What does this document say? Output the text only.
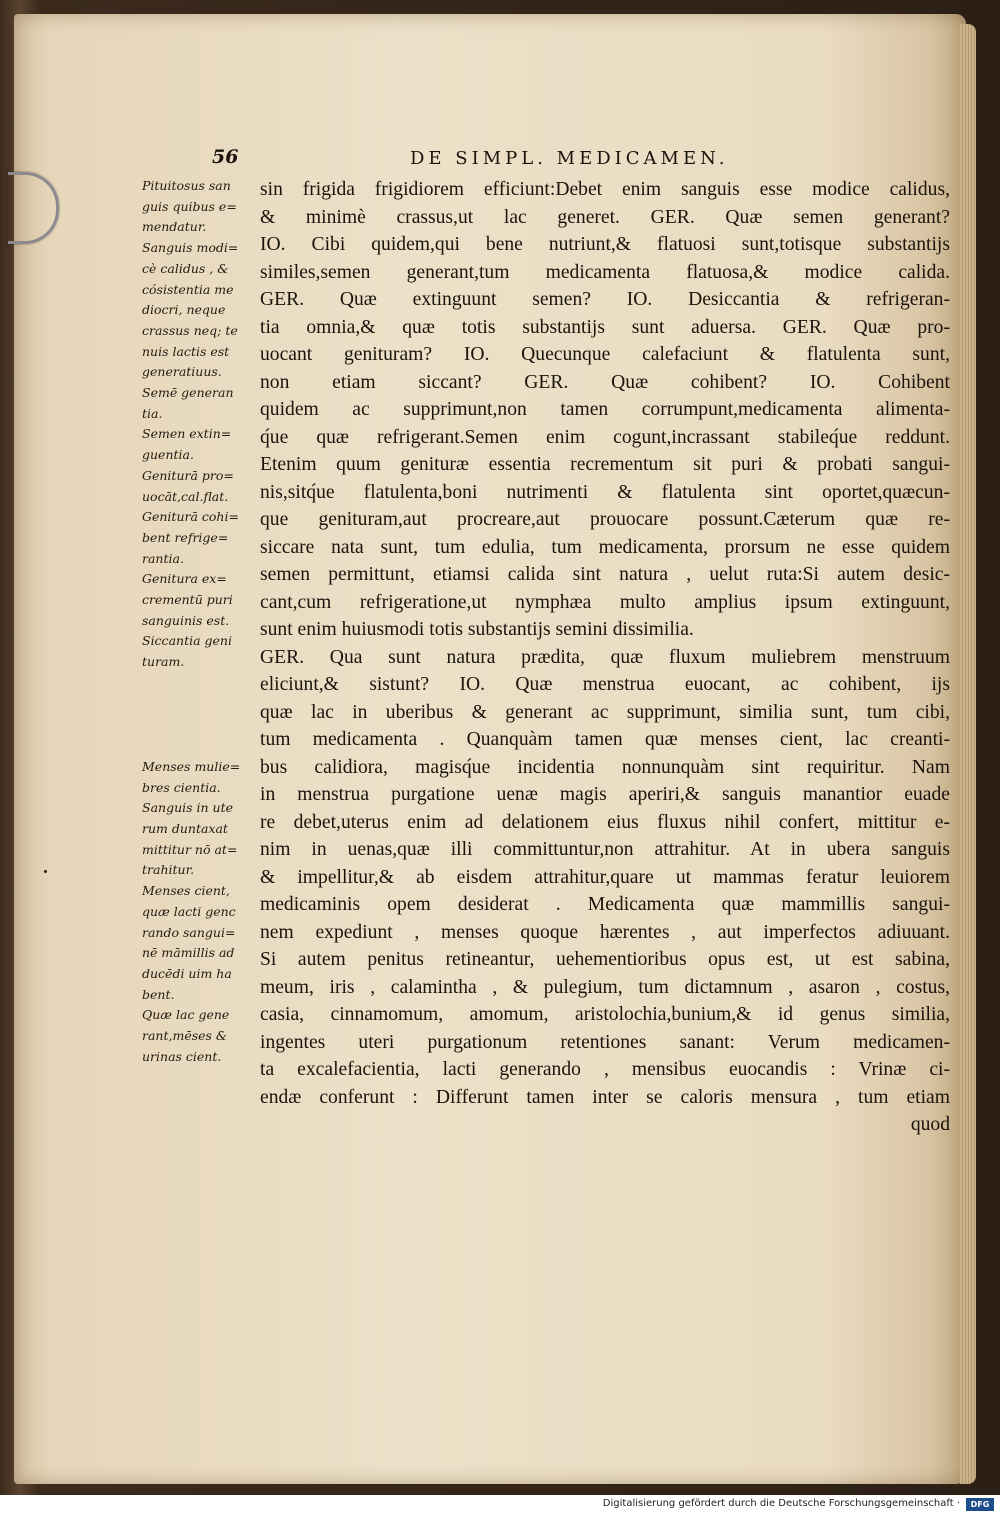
56	DE SIMPL. MEDICAMEN.
Pituitosus san
guis quibus e=
mendatur.
Sanguis modi=
cè calidus , &
cósistentia me
diocri, neque
crassus neq; te
nuis lactis est
generatiuus.
Semē generan
tia.
Semen extin=
guentia.
Geniturā pro=
uocāt,cal.flat.
Geniturā cohi=
bent refrige=
rantia.
Genitura ex=
crementū puri
sanguinis est.
Siccantia geni
turam.
Menses mulie=
bres cientia.
Sanguis in ute
rum duntaxat
mittitur nō at=
trahitur.
Menses cient,
quæ lacti genc
rando sangui=
nē māmillis ad
ducēdi uim ha
bent.
Quæ lac gene
rant,mēses &
urinas cient.
sin frigida frigidiorem efficiunt:Debet enim sanguis esse modice calidus,
& minimè crassus,ut lac generet. GER. Quæ semen generant?
IO. Cibi quidem,qui bene nutriunt,& flatuosi sunt,totisque substantijs
similes,semen generant,tum medicamenta flatuosa,& modice calida.
GER. Quæ extinguunt semen? IO. Desiccantia & refrigeran-
tia omnia,& quæ totis substantijs sunt aduersa. GER. Quæ pro-
uocant genituram? IO. Quecunque calefaciunt & flatulenta sunt,
non etiam siccant? GER. Quæ cohibent? IO. Cohibent
quidem ac supprimunt,non tamen corrumpunt,medicamenta alimenta-
q́ue quæ refrigerant.Semen enim cogunt,incrassant stabileq́ue reddunt.
Etenim quum genituræ essentia recrementum sit puri & probati sangui-
nis,sitq́ue flatulenta,boni nutrimenti & flatulenta sint oportet,quæcun-
que genituram,aut procreare,aut prouocare possunt.Cæterum quæ re-
siccare nata sunt, tum edulia, tum medicamenta, prorsum ne esse quidem
semen permittunt, etiamsi calida sint natura , uelut ruta:Si autem desic-
cant,cum refrigeratione,ut nymphæa multo amplius ipsum extinguunt,
sunt enim huiusmodi totis substantijs semini dissimilia.
GER. Qua sunt natura prædita, quæ fluxum muliebrem menstruum
eliciunt,& sistunt? IO. Quæ menstrua euocant, ac cohibent, ijs
quæ lac in uberibus & generant ac supprimunt, similia sunt, tum cibi,
tum medicamenta . Quanquàm tamen quæ menses cient, lac creanti-
bus calidiora, magisq́ue incidentia nonnunquàm sint requiritur. Nam
in menstrua purgatione uenæ magis aperiri,& sanguis manantior euade
re debet,uterus enim ad delationem eius fluxus nihil confert, mittitur e-
nim in uenas,quæ illi committuntur,non attrahitur. At in ubera sanguis
& impellitur,& ab eisdem attrahitur,quare ut mammas feratur leuiorem
medicaminis opem desiderat . Medicamenta quæ mammillis sangui-
nem expediunt , menses quoque hærentes , aut imperfectos adiuuant.
Si autem penitus retineantur, uehementioribus opus est, ut est sabina,
meum, iris , calamintha , & pulegium, tum dictamnum , asaron , costus,
casia, cinnamomum, amomum, aristolochia,bunium,& id genus similia,
ingentes uteri purgationum retentiones sanant: Verum medicamen-
ta excalefacientia, lacti generando , mensibus euocandis : Vrinæ ci-
endæ conferunt : Differunt tamen inter se caloris mensura , tum etiam
quod
Digitalisierung gefördert durch die Deutsche Forschungsgemeinschaft ·	DFG
